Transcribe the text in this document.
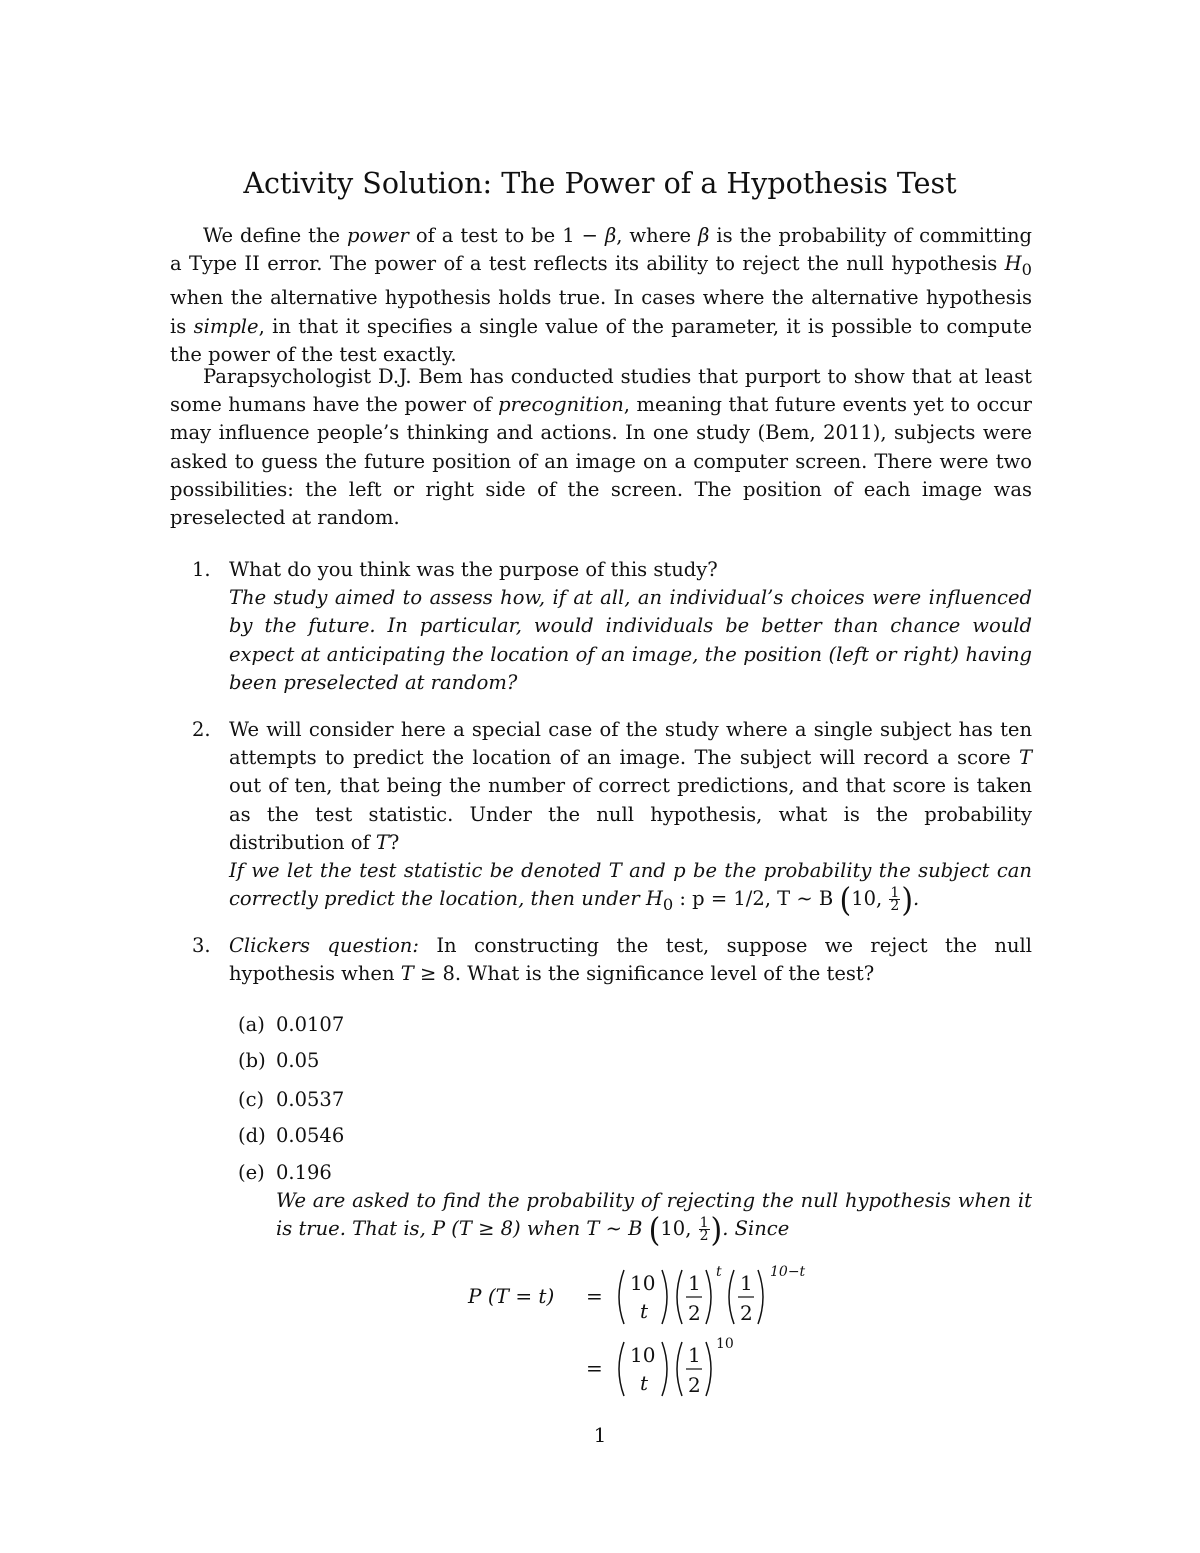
Activity Solution: The Power of a Hypothesis Test

We define the power of a test to be 1 − β, where β is the probability of committing a Type II error. The power of a test reflects its ability to reject the null hypothesis $H_0$ when the alternative hypothesis holds true. In cases where the alternative hypothesis is simple, in that it specifies a single value of the parameter, it is possible to compute the power of the test exactly.

Parapsychologist D.J. Bem has conducted studies that purport to show that at least some humans have the power of precognition, meaning that future events yet to occur may influence people’s thinking and actions. In one study (Bem, 2011), subjects were asked to guess the future position of an image on a computer screen. There were two possibilities: the left or right side of the screen. The position of each image was preselected at random.

1. What do you think was the purpose of this study?
The study aimed to assess how, if at all, an individual’s choices were influenced by the future. In particular, would individuals be better than chance would expect at anticipating the location of an image, the position (left or right) having been preselected at random?
2. We will consider here a special case of the study where a single subject has ten attempts to predict the location of an image. The subject will record a score T out of ten, that being the number of correct predictions, and that score is taken as the test statistic. Under the null hypothesis, what is the probability distribution of T?
If we let the test statistic be denoted T and p be the probability the subject can correctly predict the location, then under $H_0$ : p = 1/2, T ∼ B (10, $\frac{1}{2}$ ).
3. Clickers question: In constructing the test, suppose we reject the null hypothesis when T ≥ 8. What is the significance level of the test?
(a) 0.0107
(b) 0.05
(c) 0.0537
(d) 0.0546
(e) 0.196
We are asked to find the probability of rejecting the null hypothesis when it is true. That is, P (T ≥ 8) when T ∼ B (10, $\frac{1}{2}$ ). Since
P (T = t) =
10
t
1
2
t 1
2
10−t
=
10
t
1
2
10
1
